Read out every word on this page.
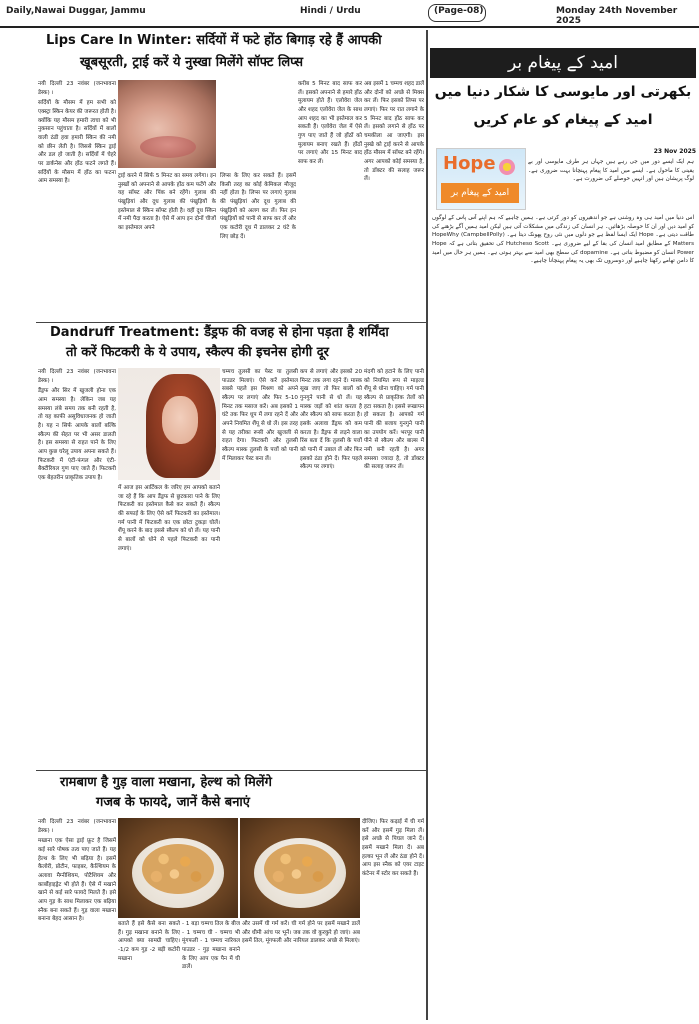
Daily,Nawai Duggar, Jammu	Hindi / Urdu	(Page-08)	Monday 24th November 2025
Lips Care In Winter: सर्दियों में फटे होंठ बिगाड़ रहे हैं आपकी
खूबसूरती, ट्राई करें ये नुस्खा मिलेंगे सॉफ्ट लिप्स

नयी दिल्ली 23 नवंबर (जनभावना डेस्क) ।

सर्दियों के मौसम में हम सभी को एक्स्ट्रा स्किन केयर की जरूरत होती है। क्योंकि यह मौसम हमारी त्वचा को भी नुकसान पहुंचाता है। सर्दियों में बालों वाली ठंडी हवा हमारी स्किन की नमी को छीन लेती है। जिससे स्किन ड्राई और डल हो जाती है। सर्दियों में चेहरे पर डार्कनेस और होंठ फटने लगते हैं। सर्दियों के मौसम में होंठ का फटना आम समस्या है।

ट्राई करने में सिर्फ 5 मिनट का समय लगेगा। इन नुस्खों को अपनाने से आपके होंठ कम फटेंगे और यह सॉफ्ट और पिंक बने रहेंगे। गुलाब की पंखुड़ियां और दूध गुलाब की पंखुड़ियों के इस्तेमाल से स्किन सॉफ्ट होती है। वहीं दूध स्किन में नमी पैदा करता है। ऐसे में आप इन दोनों चीजों का इस्तेमाल अपने
लिप्स के लिए कर सकते हैं। इसमें किसी तरह का कोई केमिकल मौजूद नहीं होता है। लिप्स पर लगाएं गुलाब की पंखुड़ियां और दूध गुलाब की पंखुड़ियों को अलग कर लें। फिर इन पंखुड़ियों को पानी से साफ कर लें और एक कटोरी दूध में डालकर 2 घंटे के लिए छोड़ दें।
करीब 5 मिनट बाद साफ कर लें। इसको अपनाने से हमारे होंठ मुलायम होते हैं। एलोवेरा जेल और शहद एलोवेरा जेल के साथ आप शहद का भी इस्तेमाल कर सकती हैं। एलोवेरा जेल में ऐसे गुण पाए जाते हैं जो होंठों को मुलायम बनाए रखते हैं। होंठों पर लगाएं और 15 मिनट बाद साफ कर लें।
अब इसमें 1 चम्मच शहद डालें और दोनों को अच्छे से मिक्स कर लें। फिर इसको लिप्स पर लगाएं। फिर पर रात लगाने के 5 मिनट बाद होंठ साफ कर लें। इसको लगाने से होंठ पर चमकीला आ जाएगी। इस नुस्खे को ट्राई करने से आपके होंठ मौसम में सॉफ्ट बने रहेंगे। अगर आपको कोई समस्या है, तो डॉक्टर की सलाह जरूर लें।
Dandruff Treatment: डैंड्रफ की वजह से होना पड़ता है शर्मिंदा
तो करें फिटकरी के ये उपाय, स्कैल्प की इचनेस होगी दूर

नयी दिल्ली 23 नवंबर (जनभावना डेस्क) ।

डैंड्रफ और सिर में खुजली होना एक आम समस्या है। लेकिन जब यह समस्या लंबे समय तक बनी रहती है, तो यह काफी असुविधाजनक हो जाती है। यह न सिर्फ आपके बालों बल्कि स्कैल्प की सेहत पर भी असर डालती है। इस समस्या से राहत पाने के लिए आप कुछ घरेलू उपाय अपना सकते हैं। फिटकरी में एंटी-फंगल और एंटी-बैक्टीरियल गुण पाए जाते हैं। फिटकरी एक बेहतरीन प्राकृतिक उपाय है।

में आज इस आर्टिकल के जरिए हम आपको बताने जा रहे हैं कि आप डैंड्रफ से छुटकारा पाने के लिए फिटकरी का इस्तेमाल कैसे कर सकते हैं। स्कैल्प की सफाई के लिए ऐसे करें फिटकरी का इस्तेमाल। गर्म पानी में फिटकरी का एक छोटा टुकड़ा घोलें। शैंपू करने के बाद इससे स्कैल्प को धो लें। यह पानी से बालों को धोने से पहले फिटकरी का पानी लगाएं।
चम्मच तुलसी का पेस्ट या तुलसी पाउडर मिलाएं। ऐसे करें इस्तेमाल सबसे पहले इस मिश्रण को अपने स्कैल्प पर लगाएं और फिर 5-10 मिनट तक मसाज करें। अब इसको 1 घंटे तक फिर धूप में लगा रहने दें और अपने नियमित शैंपू से धो लें। इस तरह से यह तरीका रूसी और खुजली से राहत देगा। फिटकरी और तुलसी स्कैल्प मास्क तुलसी के पत्तों को पानी में मिलाकर पेस्ट बना लें।
कप से लगाएं और इसको 20 मिनट तक लगा रहने दें। मास्क सूख जाए तो फिर बालों को गुनगुने पानी से धो लें। यह मास्क जड़ों को शांत करता है और स्कैल्प को साफ करता है। इसके अलावा डैंड्रफ को कम करता है। डैंड्रफ से लड़ने वाला रिंस बता दें कि तुलसी के पत्तों को पानी में उबाल लें और फिर इसको ठंडा होने दें। फिर पहले स्कैल्प पर लगाएं।
मंदगी को हटाने के लिए पानी को नियमित रूप से माइल्ड शैंपू से धोना चाहिए। गर्म पानी स्कैल्प से प्राकृतिक तेलों को हटा सकता है। इससे रूखापन हो सकता है। आपको गर्म पानी की बजाय गुनगुने पानी का उपयोग करें। भरपूर पानी पीने से स्कैल्प और बाल्स में नमी बनी रहती है। अगर समस्या ज्यादा है, तो डॉक्टर की सलाह जरूर लें।
रामबाण है गुड़ वाला मखाना, हेल्थ को मिलेंगे
गजब के फायदे, जानें कैसे बनाएं

नयी दिल्ली 23 नवंबर (जनभावना डेस्क) ।

मखाना एक ऐसा ड्राई फ्रूट है जिसमें कई सारे पोषक तत्व पाए जाते हैं। यह हेल्थ के लिए भी बढ़िया है। इसमें कैलोरी, प्रोटीन, फाइबर, कैल्शियम के अलावा मैग्नीशियम, पोटैशियम और कार्बोहाइड्रेट भी होते हैं। ऐसे में मखाने खाने से कई सारे फायदे मिलते हैं। इसे आप गुड़ के साथ मिलाकर एक बढ़िया स्नैक बना सकते हैं। गुड़ वाला मखाना बनाना बेहद आसान है।

बताते हैं इसे कैसे बना सकते हैं। गुड़ मखाना बनाने के लिए आपको क्या सामग्री चाहिए। -1/2 कप गुड़ -2 बड़ी कटोरी मखाना
- 1 बड़ा चम्मच तिल के बीज - 1 चम्मच घी - चम्मच भी मूंगफली - 1 चम्मच नारियल पाउडर - गुड़ मखाना बनाने के लिए आप एक पैन में घी डालें।
और उसमें घी गर्म करें। घी गर्म होने पर इसमें मखाने डालें और धीमी आंच पर भूनें। जब तक वो कुरकुरे हो जाएं। अब इसमें तिल, मूंगफली और नारियल डालकर अच्छे से मिलाएं।
दीजिए। फिर कढ़ाई में घी गर्म करें और इसमें गुड़ मिला लें। इसे अच्छे से पिघल जाने दें। इसमें मखाने मिला दें। अब हल्का भून लें और ठंडा होने दें। आप इस स्नैक को एयर टाइट कंटेनर में स्टोर कर सकते हैं।
امید کے پیغام بر
بکھرتی اور مایوسی کا شکار دنیا میں
امید کے پیغام کو عام کریں
Hope
امید کے پیغام بر
23 Nov 2025
ہم ایک ایسے دور میں جی رہے ہیں جہاں ہر طرف مایوسی اور بے یقینی کا ماحول ہے۔ ایسے میں امید کا پیغام پہنچانا بہت ضروری ہے۔ لوگ پریشان ہیں اور انہیں حوصلے کی ضرورت ہے۔
اس دنیا میں امید ہی وہ روشنی ہے جو اندھیروں کو دور کرتی ہے۔ ہمیں چاہیے کہ ہم اپنے آس پاس کے لوگوں کو امید دیں اور ان کا حوصلہ بڑھائیں۔ ہر انسان کی زندگی میں مشکلات آتی ہیں لیکن امید ہمیں آگے بڑھنے کی طاقت دیتی ہے۔ Hope ایک ایسا لفظ ہے جو دلوں میں نئی روح پھونک دیتا ہے۔ HopeWhy (CampbellPolly) Matters کے مطابق امید انسان کی بقا کے لیے ضروری ہے۔ Hutcheso Scott کی تحقیق بتاتی ہے کہ Hope Power انسان کو مضبوط بناتی ہے۔ dopamine کی سطح بھی امید سے بہتر ہوتی ہے۔ ہمیں ہر حال میں امید کا دامن تھامے رکھنا چاہیے اور دوسروں تک بھی یہ پیغام پہنچانا چاہیے۔
